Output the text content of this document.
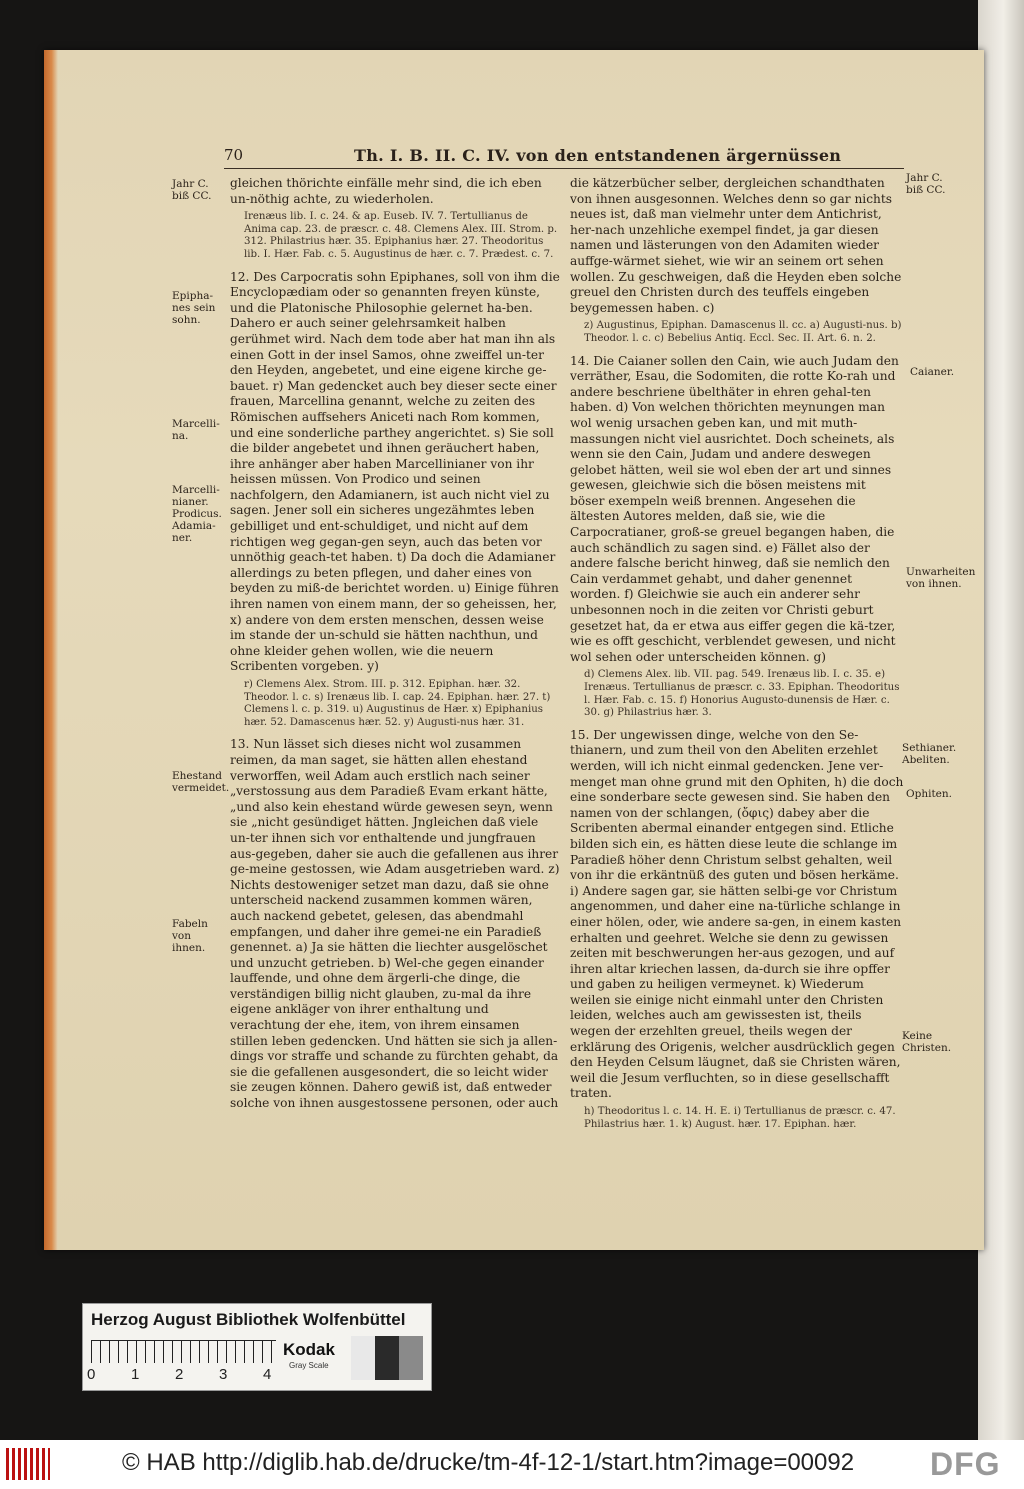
70	Th. I. B. II. C. IV. von den entstandenen ärgernüssen
Jahr C. biß CC.
Epipha-nes sein sohn.
Marcelli-na.
Marcelli-nianer. Prodicus. Adamia-ner.
Ehestand vermeidet.
Fabeln von ihnen.

gleichen thörichte einfälle mehr sind, die ich eben un-nöthig achte, zu wiederholen.

Irenæus lib. I. c. 24. & ap. Eusеb. IV. 7. Tertullianus de Anima cap. 23. de præscr. c. 48. Clemens Alex. III. Strom. p. 312. Philastrius hær. 35. Epiphanius hær. 27. Theodoritus lib. I. Hær. Fab. c. 5. Augustinus de hær. c. 7. Prædest. c. 7.

12. Des Carpocratis sohn Epiphanes, soll von ihm die Encyclopædiam oder so genannten freyen künste, und die Platonische Philosophie gelernet ha-ben. Dahero er auch seiner gelehrsamkeit halben gerühmet wird. Nach dem tode aber hat man ihn als einen Gott in der insel Samos, ohne zweiffel un-ter den Heyden, angebetet, und eine eigene kirche ge-bauet. r) Man gedencket auch bey dieser secte einer frauen, Marcellina genannt, welche zu zeiten des Römischen auffsehers Aniceti nach Rom kommen, und eine sonderliche parthey angerichtet. s) Sie soll die bilder angebetet und ihnen geräuchert haben, ihre anhänger aber haben Marcellinianer von ihr heissen müssen. Von Prodico und seinen nachfolgern, den Adamianern, ist auch nicht viel zu sagen. Jener soll ein sicheres ungezähmtes leben gebilliget und ent-schuldiget, und nicht auf dem richtigen weg gegan-gen seyn, auch das beten vor unnöthig geach-tet haben. t) Da doch die Adamianer allerdings zu beten pflegen, und daher eines von beyden zu miß-de berichtet worden. u) Einige führen ihren namen von einem mann, der so geheissen, her, x) andere von dem ersten menschen, dessen weise im stande der un-schuld sie hätten nachthun, und ohne kleider gehen wollen, wie die neuern Scribenten vorgeben. y)

r) Clemens Alex. Strom. III. p. 312. Epiphan. hær. 32. Theodor. l. c. s) Irenæus lib. I. cap. 24. Epiphan. hær. 27. t) Clemens l. c. p. 319. u) Augustinus de Hær. x) Epiphanius hær. 52. Damascenus hær. 52. y) Augusti-nus hær. 31.

13. Nun lässet sich dieses nicht wol zusammen reimen, da man saget, sie hätten allen ehestand verworffen, weil Adam auch erstlich nach seiner „verstossung aus dem Paradieß Evam erkant hätte, „und also kein ehestand würde gewesen seyn, wenn sie „nicht gesündiget hätten. Jngleichen daß viele un-ter ihnen sich vor enthaltende und jungfrauen aus-gegeben, daher sie auch die gefallenen aus ihrer ge-meine gestossen, wie Adam ausgetrieben ward. z) Nichts destoweniger setzet man dazu, daß sie ohne unterscheid nackend zusammen kommen wären, auch nackend gebetet, gelesen, das abendmahl empfangen, und daher ihre gemei-ne ein Paradieß genennet. a) Ja sie hätten die liechter ausgelöschet und unzucht getrieben. b) Wel-che gegen einander lauffende, und ohne dem ärgerli-che dinge, die verständigen billig nicht glauben, zu-mal da ihre eigene ankläger von ihrer enthaltung und verachtung der ehe, item, von ihrem einsamen stillen leben gedencken. Und hätten sie sich ja allen-dings vor straffe und schande zu fürchten gehabt, da sie die gefallenen ausgesondert, die so leicht wider sie zeugen können. Dahero gewiß ist, daß entweder solche von ihnen ausgestossene personen, oder auch

die kätzerbücher selber, dergleichen schandthaten von ihnen ausgesonnen. Welches denn so gar nichts neues ist, daß man vielmehr unter dem Antichrist, her-nach unzehliche exempel findet, ja gar diesen namen und lästerungen von den Adamiten wieder auffge-wärmet siehet, wie wir an seinem ort sehen wollen. Zu geschweigen, daß die Heyden eben solche greuel den Christen durch des teuffels eingeben beygemessen haben. c)

z) Augustinus, Epiphan. Damascenus ll. cc. a) Augusti-nus. b) Theodor. l. c. c) Bebelius Antiq. Eccl. Sec. II. Art. 6. n. 2.

14. Die Caianer sollen den Cain, wie auch Judam den verräther, Esau, die Sodomiten, die rotte Ko-rah und andere beschriene übelthäter in ehren gehal-ten haben. d) Von welchen thörichten meynungen man wol wenig ursachen geben kan, und mit muth-massungen nicht viel ausrichtet. Doch scheinets, als wenn sie den Cain, Judam und andere deswegen gelobet hätten, weil sie wol eben der art und sinnes gewesen, gleichwie sich die bösen meistens mit böser exempeln weiß brennen. Angesehen die ältesten Autores melden, daß sie, wie die Carpocratianer, groß-se greuel begangen haben, die auch schändlich zu sagen sind. e) Fället also der andere falsche bericht hinweg, daß sie nemlich den Cain verdammet gehabt, und daher genennet worden. f) Gleichwie sie auch ein anderer sehr unbesonnen noch in die zeiten vor Christi geburt gesetzet hat, da er etwa aus eiffer gegen die kä-tzer, wie es offt geschicht, verblendet gewesen, und nicht wol sehen oder unterscheiden können. g)

d) Clemens Alex. lib. VII. pag. 549. Irenæus lib. I. c. 35. e) Irenæus. Tertullianus de præscr. c. 33. Epiphan. Theodoritus l. Hær. Fab. c. 15. f) Honorius Augusto-dunensis de Hær. c. 30. g) Philastrius hær. 3.

15. Der ungewissen dinge, welche von den Se-thianern, und zum theil von den Abeliten erzehlet werden, will ich nicht einmal gedencken. Jene ver-menget man ohne grund mit den Ophiten, h) die doch eine sonderbare secte gewesen sind. Sie haben den namen von der schlangen, (ὄφις) dabey aber die Scribenten abermal einander entgegen sind. Etliche bilden sich ein, es hätten diese leute die schlange im Paradieß höher denn Christum selbst gehalten, weil von ihr die erkäntnüß des guten und bösen herkäme. i) Andere sagen gar, sie hätten selbi-ge vor Christum angenommen, und daher eine na-türliche schlange in einer hölen, oder, wie andere sa-gen, in einem kasten erhalten und geehret. Welche sie denn zu gewissen zeiten mit beschwerungen her-aus gezogen, und auf ihren altar kriechen lassen, da-durch sie ihre opffer und gaben zu heiligen vermeynet. k) Wiederum weilen sie einige nicht einmahl unter den Christen leiden, welches auch am gewissesten ist, theils wegen der erzehlten greuel, theils wegen der erklärung des Origenis, welcher ausdrücklich gegen den Heyden Celsum läugnet, daß sie Christen wären, weil die Jesum verfluchten, so in diese gesellschafft traten.

h) Theodoritus l. c. 14. H. E. i) Tertullianus de præscr. c. 47. Philastrius hær. 1. k) August. hær. 17. Epiphan. hær.

Jahr C. biß CC.
Caianer.
Unwarheiten von ihnen.
Sethianer. Abeliten.
Ophiten.
Keine Christen.
Herzog August Bibliothek Wolfenbüttel
0 1 2 3 4
Kodak
Gray Scale
© HAB http://diglib.hab.de/drucke/tm-4f-12-1/start.htm?image=00092 DFG
